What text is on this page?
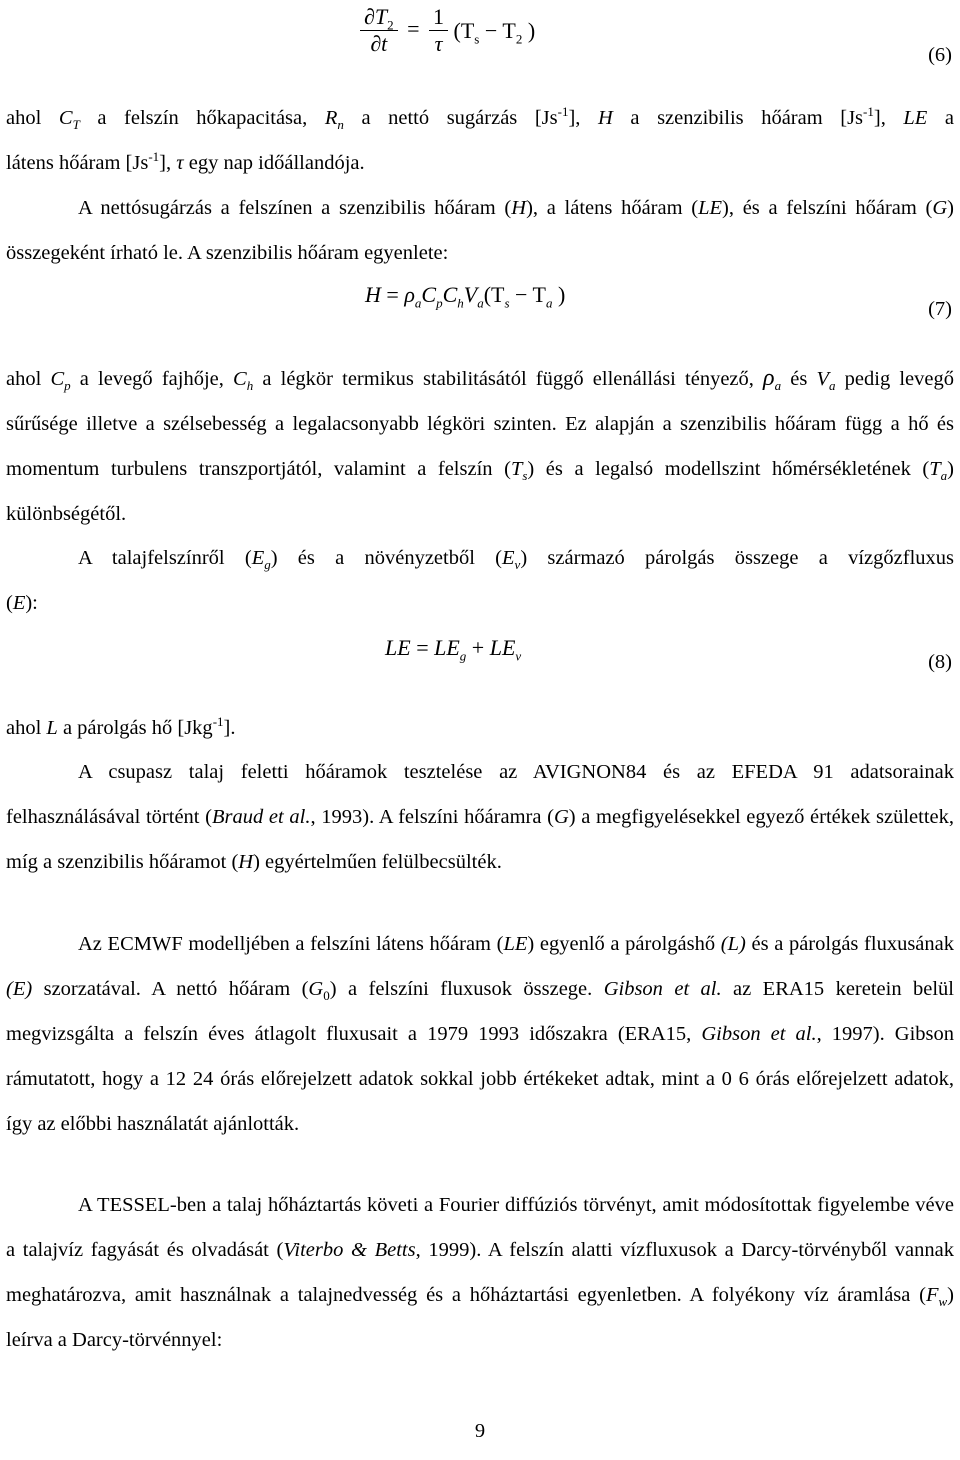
$\frac{\partial T_2}{\partial t} = \frac{1}{\tau} (T_s - T_2$ )
(6)

ahol $C_T$ a felszín hőkapacitása, $R_n$ a nettó sugárzás $[Js^{-1}]$, H a szenzibilis hőáram $[Js^{-1}]$, LE a

látens hőáram $[Js^{-1}]$, τ egy nap időállandója.

A nettósugárzás a felszínen a szenzibilis hőáram (H), a látens hőáram (LE), és a felszíni hőáram (G) összegeként írható le. A szenzibilis hőáram egyenlete:

$H = \rho_aC_pC_hV_a(T_s - T_a$ )
(7)

ahol $C_p$ a levegő fajhője, $C_h$ a légkör termikus stabilitásától függő ellenállási tényező, $\rho_a$ és $V_a$ pedig levegő sűrűsége illetve a szélsebesség a legalacsonyabb légköri szinten. Ez alapján a szenzibilis hőáram függ a hő és momentum turbulens transzportjától, valamint a felszín $(T_s)$ és a legalsó modellszint hőmérsékletének $(T_a)$ különbségétől.

A talajfelszínről $(E_g)$ és a növényzetből $(E_v)$ származó párolgás összege a vízgőzfluxus

(E):

LE = $LE_g + LE_v$	(8)

ahol L a párolgás hő [Jkg$^{-1}$].

A csupasz talaj feletti hőáramok tesztelése az AVIGNON84 és az EFEDA 91 adatsorainak felhasználásával történt (Braud et al., 1993). A felszíni hőáramra (G) a megfigyelésekkel egyező értékek születtek, míg a szenzibilis hőáramot (H) egyértelműen felülbecsülték.

Az ECMWF modelljében a felszíni látens hőáram (LE) egyenlő a párolgáshő (L) és a párolgás fluxusának (E) szorzatával. A nettó hőáram $(G_0)$ a felszíni fluxusok összege. Gibson et al. az ERA15 keretein belül megvizsgálta a felszín éves átlagolt fluxusait a 1979 1993 időszakra (ERA15, Gibson et al., 1997). Gibson rámutatott, hogy a 12 24 órás előrejelzett adatok sokkal jobb értékeket adtak, mint a 0 6 órás előrejelzett adatok, így az előbbi használatát ajánlották.

A TESSEL-ben a talaj hőháztartás követi a Fourier diffúziós törvényt, amit módosítottak figyelembe véve a talajvíz fagyását és olvadását (Viterbo & Betts, 1999). A felszín alatti vízfluxusok a Darcy-törvényből vannak meghatározva, amit használnak a talajnedvesség és a hőháztartási egyenletben. A folyékony víz áramlása $(F_w)$ leírva a Darcy-törvénnyel:

9
